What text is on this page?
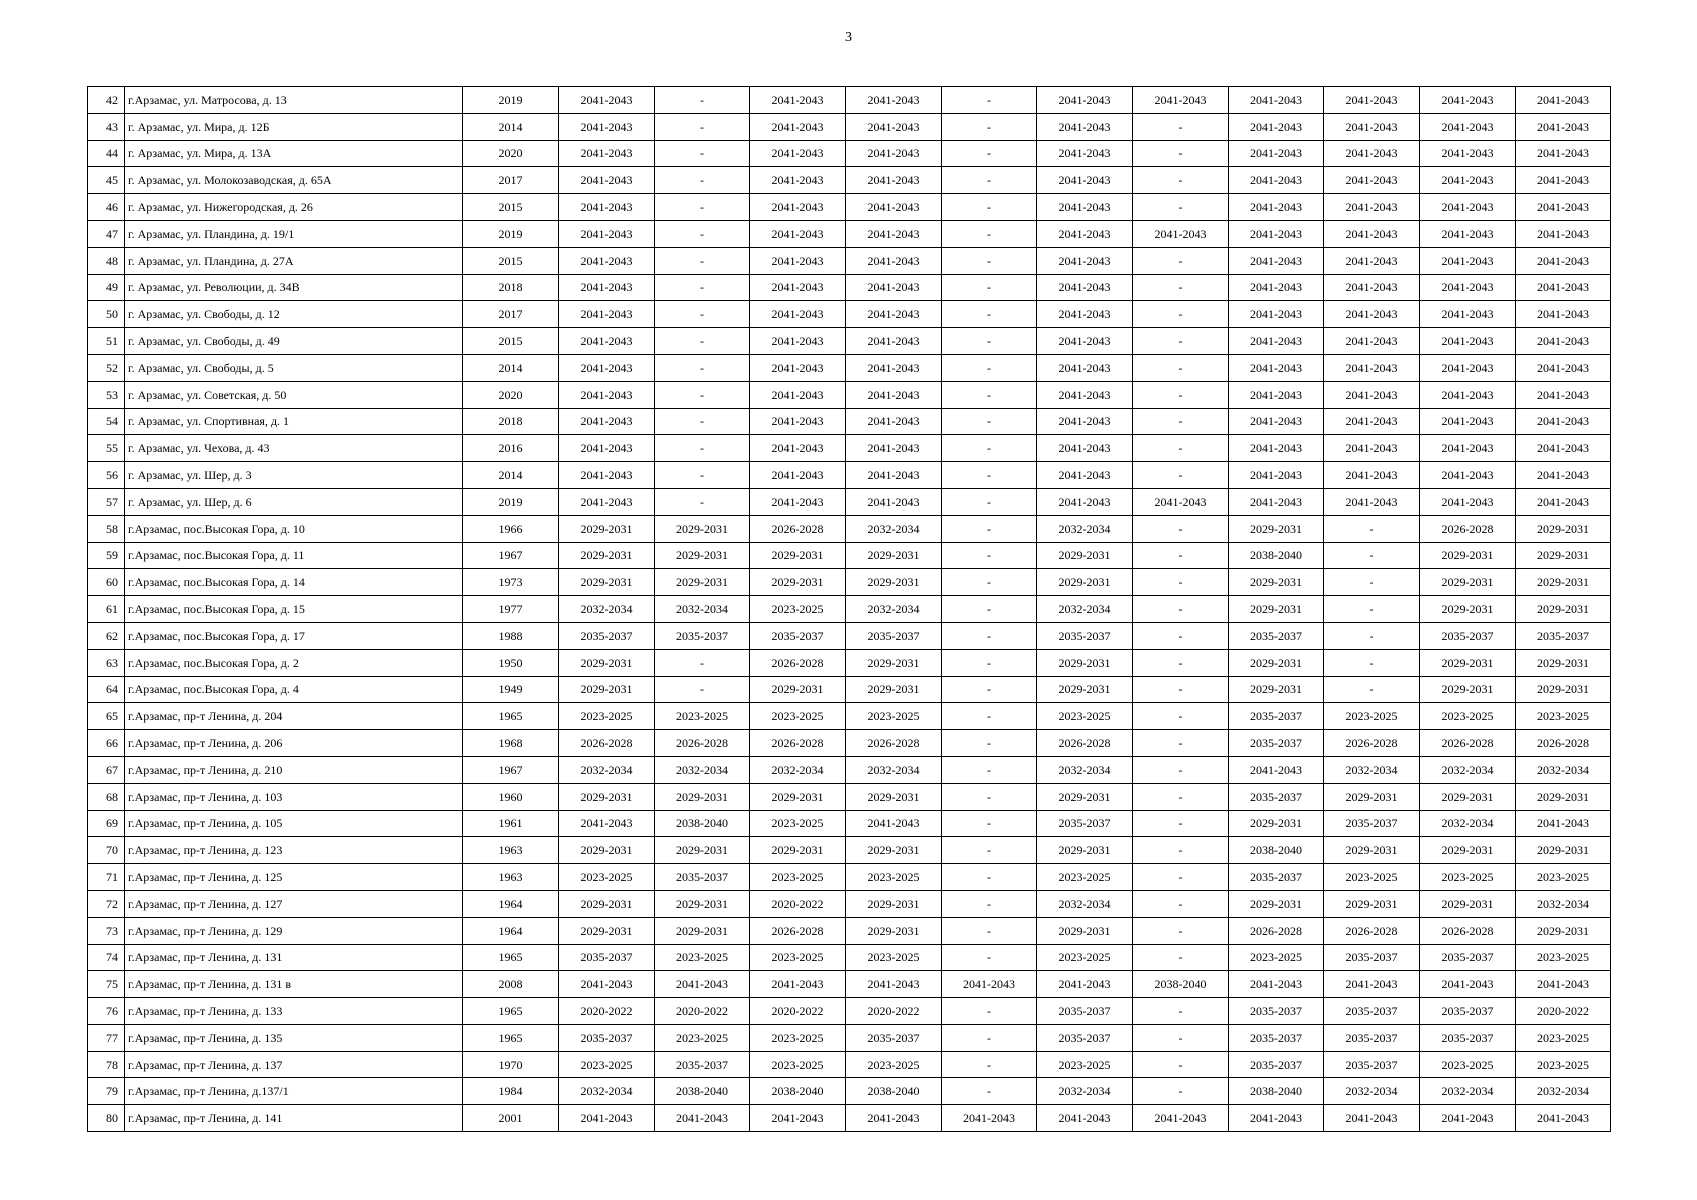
3
42	г.Арзамас, ул. Матросова, д. 13	2019	2041-2043	-	2041-2043	2041-2043	-	2041-2043	2041-2043	2041-2043	2041-2043	2041-2043	2041-2043
43	г. Арзамас, ул. Мира, д. 12Б	2014	2041-2043	-	2041-2043	2041-2043	-	2041-2043	-	2041-2043	2041-2043	2041-2043	2041-2043
44	г. Арзамас, ул. Мира, д. 13А	2020	2041-2043	-	2041-2043	2041-2043	-	2041-2043	-	2041-2043	2041-2043	2041-2043	2041-2043
45	г. Арзамас, ул. Молокозаводская, д. 65А	2017	2041-2043	-	2041-2043	2041-2043	-	2041-2043	-	2041-2043	2041-2043	2041-2043	2041-2043
46	г. Арзамас, ул. Нижегородская, д. 26	2015	2041-2043	-	2041-2043	2041-2043	-	2041-2043	-	2041-2043	2041-2043	2041-2043	2041-2043
47	г. Арзамас, ул. Пландина, д. 19/1	2019	2041-2043	-	2041-2043	2041-2043	-	2041-2043	2041-2043	2041-2043	2041-2043	2041-2043	2041-2043
48	г. Арзамас, ул. Пландина, д. 27А	2015	2041-2043	-	2041-2043	2041-2043	-	2041-2043	-	2041-2043	2041-2043	2041-2043	2041-2043
49	г. Арзамас, ул. Революции, д. 34В	2018	2041-2043	-	2041-2043	2041-2043	-	2041-2043	-	2041-2043	2041-2043	2041-2043	2041-2043
50	г. Арзамас, ул. Свободы, д. 12	2017	2041-2043	-	2041-2043	2041-2043	-	2041-2043	-	2041-2043	2041-2043	2041-2043	2041-2043
51	г. Арзамас, ул. Свободы, д. 49	2015	2041-2043	-	2041-2043	2041-2043	-	2041-2043	-	2041-2043	2041-2043	2041-2043	2041-2043
52	г. Арзамас, ул. Свободы, д. 5	2014	2041-2043	-	2041-2043	2041-2043	-	2041-2043	-	2041-2043	2041-2043	2041-2043	2041-2043
53	г. Арзамас, ул. Советская, д. 50	2020	2041-2043	-	2041-2043	2041-2043	-	2041-2043	-	2041-2043	2041-2043	2041-2043	2041-2043
54	г. Арзамас, ул. Спортивная, д. 1	2018	2041-2043	-	2041-2043	2041-2043	-	2041-2043	-	2041-2043	2041-2043	2041-2043	2041-2043
55	г. Арзамас, ул. Чехова, д. 43	2016	2041-2043	-	2041-2043	2041-2043	-	2041-2043	-	2041-2043	2041-2043	2041-2043	2041-2043
56	г. Арзамас, ул. Шер, д. 3	2014	2041-2043	-	2041-2043	2041-2043	-	2041-2043	-	2041-2043	2041-2043	2041-2043	2041-2043
57	г. Арзамас, ул. Шер, д. 6	2019	2041-2043	-	2041-2043	2041-2043	-	2041-2043	2041-2043	2041-2043	2041-2043	2041-2043	2041-2043
58	г.Арзамас, пос.Высокая Гора, д. 10	1966	2029-2031	2029-2031	2026-2028	2032-2034	-	2032-2034	-	2029-2031	-	2026-2028	2029-2031
59	г.Арзамас, пос.Высокая Гора, д. 11	1967	2029-2031	2029-2031	2029-2031	2029-2031	-	2029-2031	-	2038-2040	-	2029-2031	2029-2031
60	г.Арзамас, пос.Высокая Гора, д. 14	1973	2029-2031	2029-2031	2029-2031	2029-2031	-	2029-2031	-	2029-2031	-	2029-2031	2029-2031
61	г.Арзамас, пос.Высокая Гора, д. 15	1977	2032-2034	2032-2034	2023-2025	2032-2034	-	2032-2034	-	2029-2031	-	2029-2031	2029-2031
62	г.Арзамас, пос.Высокая Гора, д. 17	1988	2035-2037	2035-2037	2035-2037	2035-2037	-	2035-2037	-	2035-2037	-	2035-2037	2035-2037
63	г.Арзамас, пос.Высокая Гора, д. 2	1950	2029-2031	-	2026-2028	2029-2031	-	2029-2031	-	2029-2031	-	2029-2031	2029-2031
64	г.Арзамас, пос.Высокая Гора, д. 4	1949	2029-2031	-	2029-2031	2029-2031	-	2029-2031	-	2029-2031	-	2029-2031	2029-2031
65	г.Арзамас, пр-т Ленина, д. 204	1965	2023-2025	2023-2025	2023-2025	2023-2025	-	2023-2025	-	2035-2037	2023-2025	2023-2025	2023-2025
66	г.Арзамас, пр-т Ленина, д. 206	1968	2026-2028	2026-2028	2026-2028	2026-2028	-	2026-2028	-	2035-2037	2026-2028	2026-2028	2026-2028
67	г.Арзамас, пр-т Ленина, д. 210	1967	2032-2034	2032-2034	2032-2034	2032-2034	-	2032-2034	-	2041-2043	2032-2034	2032-2034	2032-2034
68	г.Арзамас, пр-т Ленина, д. 103	1960	2029-2031	2029-2031	2029-2031	2029-2031	-	2029-2031	-	2035-2037	2029-2031	2029-2031	2029-2031
69	г.Арзамас, пр-т Ленина, д. 105	1961	2041-2043	2038-2040	2023-2025	2041-2043	-	2035-2037	-	2029-2031	2035-2037	2032-2034	2041-2043
70	г.Арзамас, пр-т Ленина, д. 123	1963	2029-2031	2029-2031	2029-2031	2029-2031	-	2029-2031	-	2038-2040	2029-2031	2029-2031	2029-2031
71	г.Арзамас, пр-т Ленина, д. 125	1963	2023-2025	2035-2037	2023-2025	2023-2025	-	2023-2025	-	2035-2037	2023-2025	2023-2025	2023-2025
72	г.Арзамас, пр-т Ленина, д. 127	1964	2029-2031	2029-2031	2020-2022	2029-2031	-	2032-2034	-	2029-2031	2029-2031	2029-2031	2032-2034
73	г.Арзамас, пр-т Ленина, д. 129	1964	2029-2031	2029-2031	2026-2028	2029-2031	-	2029-2031	-	2026-2028	2026-2028	2026-2028	2029-2031
74	г.Арзамас, пр-т Ленина, д. 131	1965	2035-2037	2023-2025	2023-2025	2023-2025	-	2023-2025	-	2023-2025	2035-2037	2035-2037	2023-2025
75	г.Арзамас, пр-т Ленина, д. 131 в	2008	2041-2043	2041-2043	2041-2043	2041-2043	2041-2043	2041-2043	2038-2040	2041-2043	2041-2043	2041-2043	2041-2043
76	г.Арзамас, пр-т Ленина, д. 133	1965	2020-2022	2020-2022	2020-2022	2020-2022	-	2035-2037	-	2035-2037	2035-2037	2035-2037	2020-2022
77	г.Арзамас, пр-т Ленина, д. 135	1965	2035-2037	2023-2025	2023-2025	2035-2037	-	2035-2037	-	2035-2037	2035-2037	2035-2037	2023-2025
78	г.Арзамас, пр-т Ленина, д. 137	1970	2023-2025	2035-2037	2023-2025	2023-2025	-	2023-2025	-	2035-2037	2035-2037	2023-2025	2023-2025
79	г.Арзамас, пр-т Ленина, д.137/1	1984	2032-2034	2038-2040	2038-2040	2038-2040	-	2032-2034	-	2038-2040	2032-2034	2032-2034	2032-2034
80	г.Арзамас, пр-т Ленина, д. 141	2001	2041-2043	2041-2043	2041-2043	2041-2043	2041-2043	2041-2043	2041-2043	2041-2043	2041-2043	2041-2043	2041-2043
